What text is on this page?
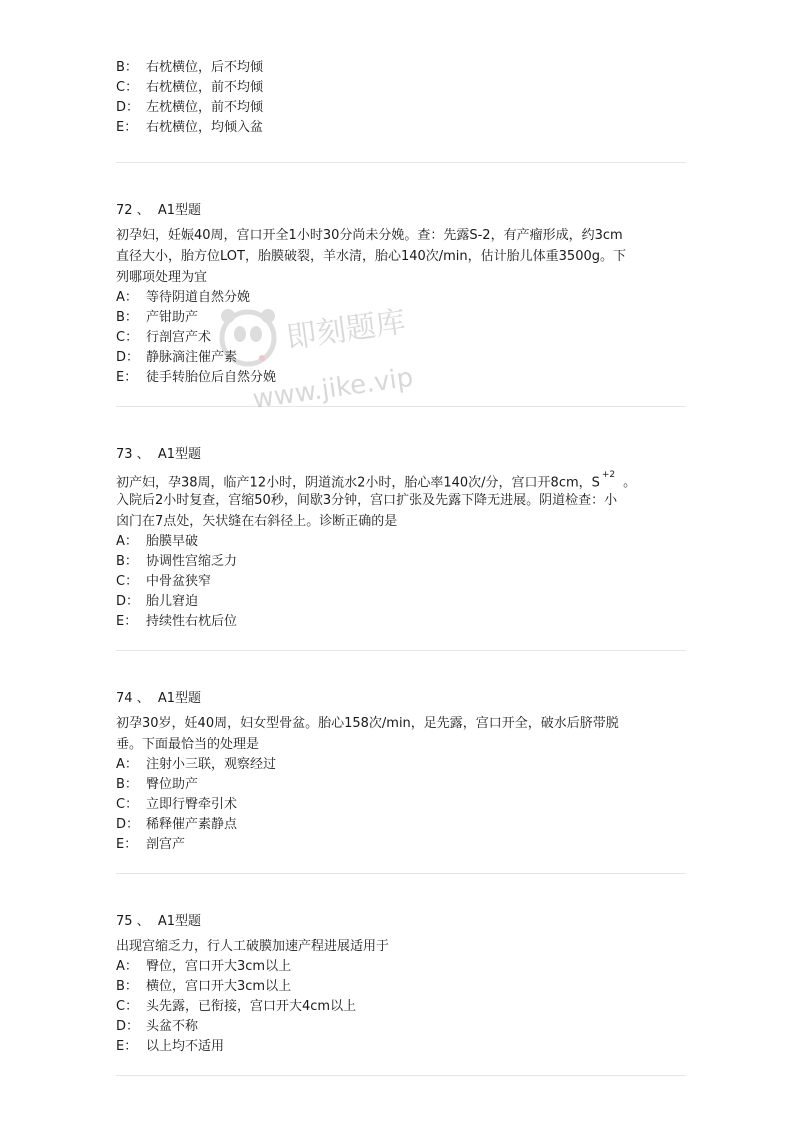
B： 右枕横位，后不均倾
C： 右枕横位，前不均倾
D： 左枕横位，前不均倾
E： 右枕横位，均倾入盆
72 、 A1型题
初孕妇，妊娠40周，宫口开全1小时30分尚未分娩。查：先露S-2，有产瘤形成，约3cm
直径大小，胎方位LOT，胎膜破裂，羊水清，胎心140次/min，估计胎儿体重3500g。下
列哪项处理为宜
A： 等待阴道自然分娩
B： 产钳助产
C： 行剖宫产术
D： 静脉滴注催产素
E： 徒手转胎位后自然分娩
73 、 A1型题
初产妇，孕38周，临产12小时，阴道流水2小时，胎心率140次/分，宫口开8cm，$S^{+2}$。
入院后2小时复查，宫缩50秒，间歇3分钟，宫口扩张及先露下降无进展。阴道检查：小
囟门在7点处，矢状缝在右斜径上。诊断正确的是
A： 胎膜早破
B： 协调性宫缩乏力
C： 中骨盆狭窄
D： 胎儿窘迫
E： 持续性右枕后位
74 、 A1型题
初孕30岁，妊40周，妇女型骨盆。胎心158次/min，足先露，宫口开全，破水后脐带脱
垂。下面最恰当的处理是
A： 注射小三联，观察经过
B： 臀位助产
C： 立即行臀牵引术
D： 稀释催产素静点
E： 剖宫产
75 、 A1型题
出现宫缩乏力，行人工破膜加速产程进展适用于
A： 臀位，宫口开大3cm以上
B： 横位，宫口开大3cm以上
C： 头先露，已衔接，宫口开大4cm以上
D： 头盆不称
E： 以上均不适用
即刻题库
www.jike.vip
